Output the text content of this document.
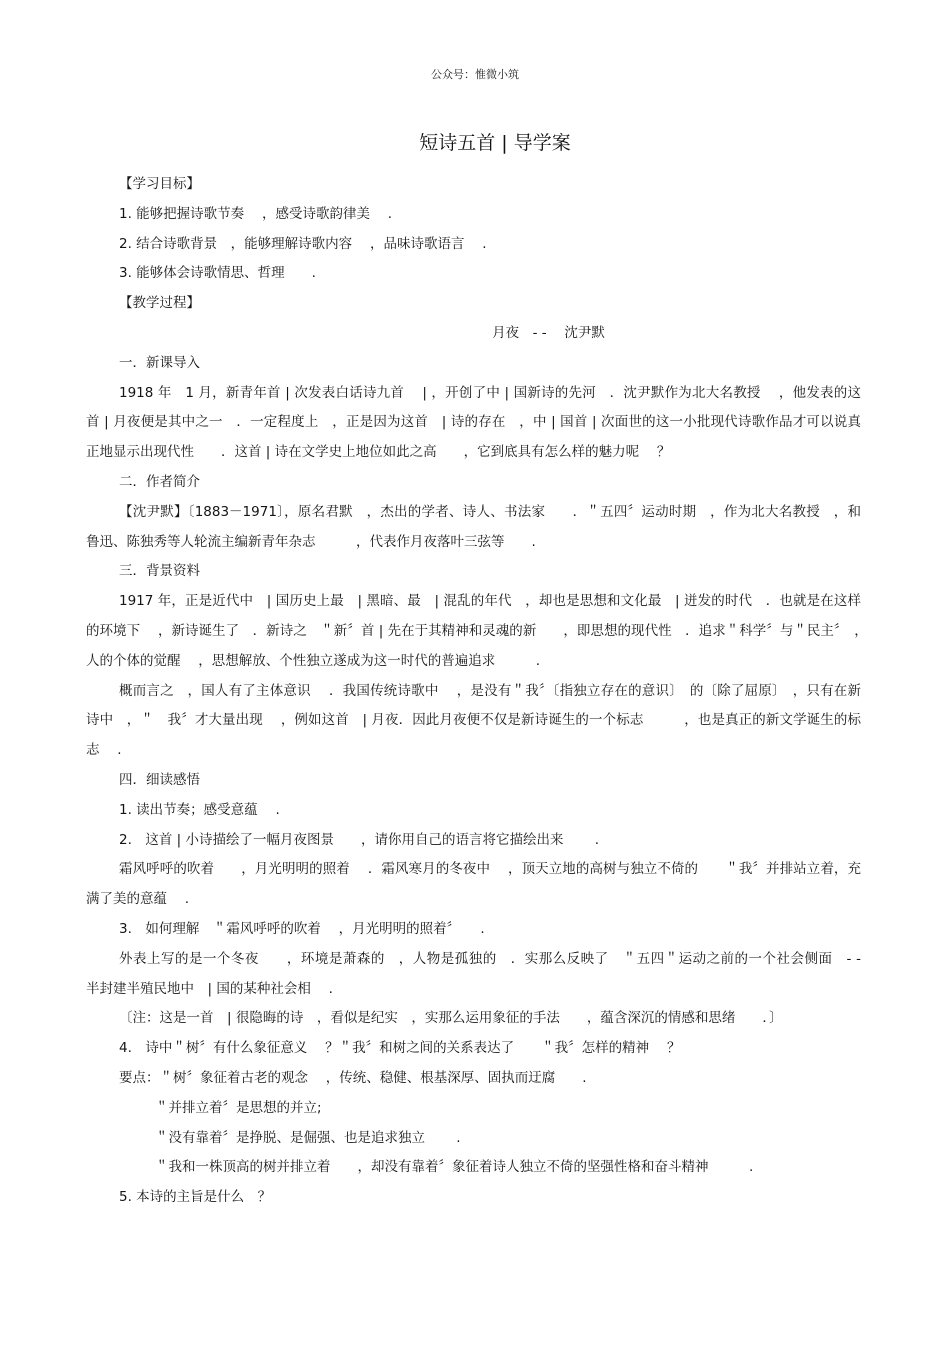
公众号：惟微小筑
短诗五首 | 导学案

【学习目标】

1. 能够把握诗歌节奏　 ，感受诗歌韵律美　 .

2. 结合诗歌背景　，能够理解诗歌内容　 ，品味诗歌语言　 .

3. 能够体会诗歌情思、哲理　　.

【教学过程】

月夜　- -　 沈尹默

一．新课导入

1918 年　1 月，新青年首 | 次发表白话诗九首　 | ，开创了中 | 国新诗的先河　．沈尹默作为北大名教授　 ，他发表的这首 | 月夜便是其中之一　．一定程度上　，正是因为这首　| 诗的存在　，中 | 国首 | 次面世的这一小批现代诗歌作品才可以说真正地显示出现代性　　．这首 | 诗在文学史上地位如此之高　　，它到底具有怎么样的魅力呢　 ？

二．作者简介

【沈尹默】〔1883－1971〕，原名君默　，杰出的学者、诗人、书法家　　．＂五四〞运动时期　，作为北大名教授　，和鲁迅、陈独秀等人轮流主编新青年杂志　　　，代表作月夜落叶三弦等　　.

三．背景资料

1917 年，正是近代中　| 国历史上最　| 黑暗、最　| 混乱的年代　，却也是思想和文化最　| 迸发的时代　．也就是在这样的环境下　 ，新诗诞生了　．新诗之　＂新〞首 | 先在于其精神和灵魂的新　　，即思想的现代性　．追求＂科学〞与＂民主〞　，　人的个体的觉醒　 ，思想解放、个性独立遂成为这一时代的普遍追求　　　.

概而言之　，国人有了主体意识　 ．我国传统诗歌中　 ，是没有＂我〞〔指独立存在的意识〕　的〔除了屈原〕　，只有在新诗中　，＂　我〞才大量出现　 ，例如这首　| 月夜．因此月夜便不仅是新诗诞生的一个标志　　　，也是真正的新文学诞生的标志　 .

四．细读感悟

1. 读出节奏；感受意蕴　 .

2.　这首 | 小诗描绘了一幅月夜图景　　，请你用自己的语言将它描绘出来　　 .

霜风呼呼的吹着　　，月光明明的照着　 ．霜风寒月的冬夜中　 ，顶天立地的高树与独立不倚的　　＂我〞并排站立着，充满了美的意蕴　 .

3.　如何理解　＂霜风呼呼的吹着　 ，月光明明的照着〞　　.

外表上写的是一个冬夜　　，环境是萧森的　，人物是孤独的　．实那么反映了　＂五四＂运动之前的一个社会侧面　- -　半封建半殖民地中　| 国的某种社会相　 .

〔注：这是一首　| 很隐晦的诗　，看似是纪实　，实那么运用象征的手法　　，蕴含深沉的情感和思绪　　．〕

4.　诗中＂树〞有什么象征意义　 ？＂我〞和树之间的关系表达了　　＂我〞怎样的精神　 ？

要点：＂树〞象征着古老的观念　 ，传统、稳健、根基深厚、固执而迂腐　　.

＂并排立着〞是思想的并立;

＂没有靠着〞是挣脱、是倔强、也是追求独立　　 .

＂我和一株顶高的树并排立着　　，却没有靠着〞象征着诗人独立不倚的坚强性格和奋斗精神　　　.

5. 本诗的主旨是什么　？
